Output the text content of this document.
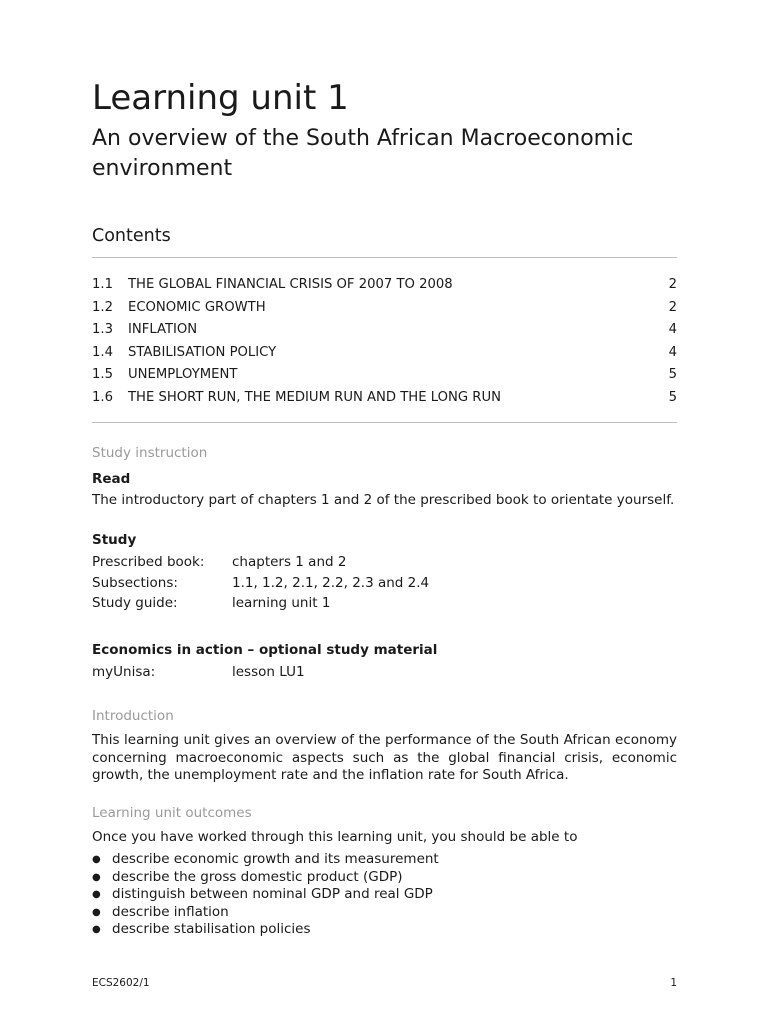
Learning unit 1
An overview of the South African Macroeconomic environment
Contents
1.1	THE GLOBAL FINANCIAL CRISIS OF 2007 TO 2008	2
1.2	ECONOMIC GROWTH	2
1.3	INFLATION	4
1.4	STABILISATION POLICY	4
1.5	UNEMPLOYMENT	5
1.6	THE SHORT RUN, THE MEDIUM RUN AND THE LONG RUN	5

Study instruction

Read

The introductory part of chapters 1 and 2 of the prescribed book to orientate yourself.

Study

Prescribed book:	chapters 1 and 2
Subsections:	1.1, 1.2, 2.1, 2.2, 2.3 and 2.4
Study guide:	learning unit 1

Economics in action – optional study material

myUnisa:	lesson LU1

Introduction

This learning unit gives an overview of the performance of the South African economy concerning macroeconomic aspects such as the global financial crisis, economic growth, the unemployment rate and the inflation rate for South Africa.

Learning unit outcomes

Once you have worked through this learning unit, you should be able to

● describe economic growth and its measurement
● describe the gross domestic product (GDP)
● distinguish between nominal GDP and real GDP
● describe inflation
● describe stabilisation policies
ECS2602/1	1
